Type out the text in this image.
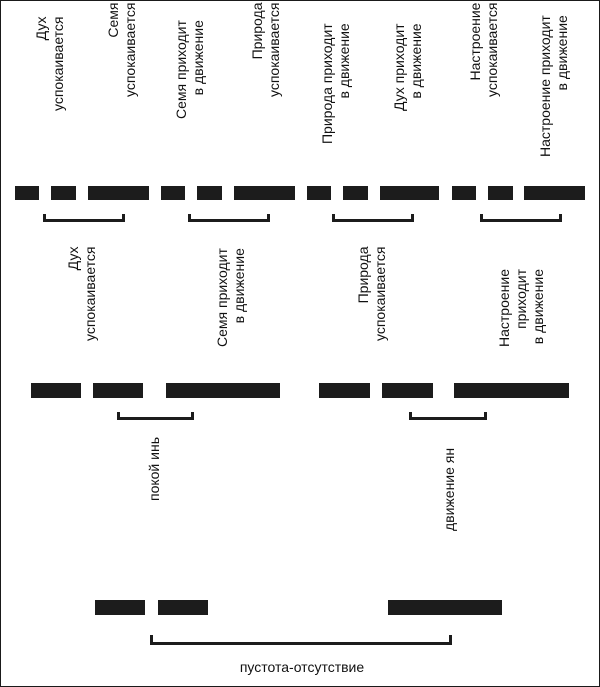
Дух успокаивается	Семя успокаивается	Семя приходит в движение	Природа успокаивается	Природа приходит в движение	Дух приходит в движение	Настроение успокаивается	Настроение приходит в движение
Дух успокаивается	Семя приходит в движение	Природа успокаивается	Настроение приходит в движение
покой инь	движение ян
пустота-отсутствие
